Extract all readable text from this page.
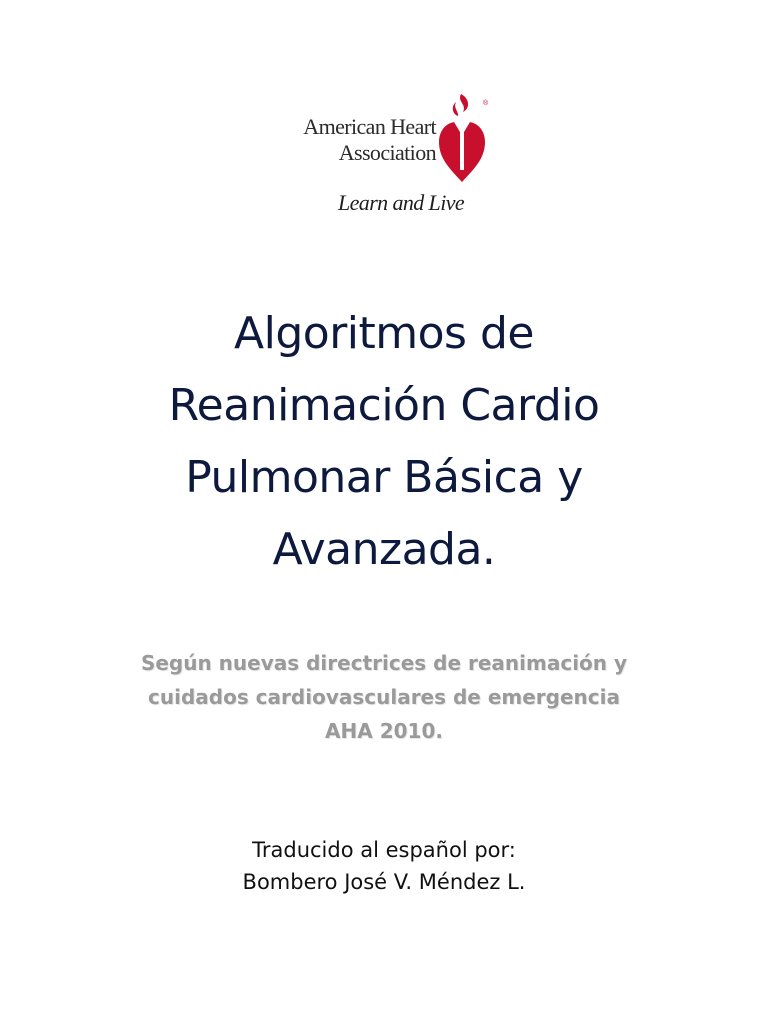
American Heart
Association
®
Learn and Live
Algoritmos de
Reanimación Cardio
Pulmonar Básica y
Avanzada.
Según nuevas directrices de reanimación y
cuidados cardiovasculares de emergencia
AHA 2010.
Traducido al español por:
Bombero José V. Méndez L.
